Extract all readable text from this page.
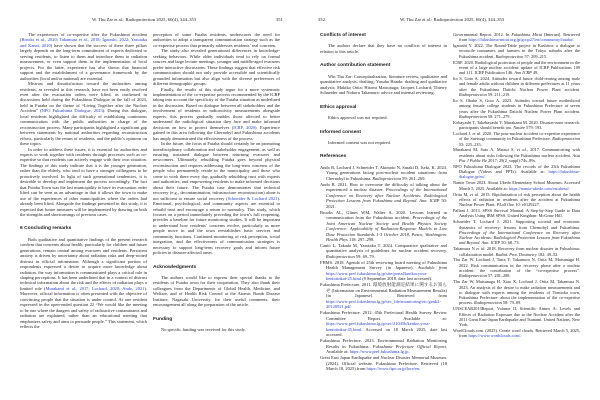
W. Thu Zar et al.: Radioprotection 2025, 60(4), 344–353	351

The experiences of co-expertise after the Fukushima accident (Brooks et al., 2020; Takamura et al., 2018; Igarashi, 2022; Yasutaka and Kanai, 2020) have shown that the success of these three pillars largely depends on the long-term commitment of experts dedicated to serving residents, to listen to them and introduce them to radiation measurement, or even support them in the implementation of local projects. For the latter, experience has also shown that financial support and the establishment of a governance framework by the authorities (local and/or national) are essential.

Mistrust and dissatisfaction toward the authorities among residents, as revealed in this research, have not been easily resolved even after the evacuation orders were lifted, as confirmed in discussions held during the Fukushima Dialogue in the fall of 2023, held in Futaba on the theme of “Living Together after the Nuclear Accident” (NPO Fukushima Dialogue, 2023). During this dialogue, local residents highlighted the difficulty of establishing continuous communication with the public authorities in charge of the reconstruction process. Many participants highlighted a significant gap between statements by national authorities regarding reconstruction efforts, particularly the return of residents, and the public’s opinions on these topics.

In order to address these issues, it is essential for authorities and experts to work together with residents through processes such as co-expertise so that residents can actively engage with their own situation. The findings of this study indicate that it is the younger generation, rather than the elderly, who tend to have a stronger willingness to be proactively involved. In light of such generational tendencies, it is desirable to develop and implement the process accordingly. The fact that Futaba Town was the last municipality to have its evacuation order lifted can be seen as an advantage in that it allows the town to make use of the experiences of other municipalities where the orders had already been lifted. Alongside the findings presented in this study, it is expected that future measures will be implemented by drawing on both the strengths and shortcomings of previous cases.

6 Concluding remarks

Both qualitative and quantitative findings of the present research confirm that concerns about health, particularly for children and future generations, remain central among evacuees and residents. Persistent anxiety is driven by uncertainty about radiation risks and deep-rooted distrust in official information. Although a significant portion of respondents expressed a desire to acquire more knowledge about radiation, the way information is communicated plays a critical role in shaping perceptions. It has been underlined that in a context of distrust technical information about the risk and the effects of radiation plays a limited role (Murakami et al., 2017; Lochard, 2020; Ando, 2021). Moreover, official information is often presented with the objective of convincing people that the situation is under control. As one resident expressed in the open-ended question 22 “We would like the meeting to be one where the dangers and safety of radioactive contaminants and radiation are explained, rather than an educational meeting that emphasizes safety and aims to persuade people.” This statement, which reflects the

perception of some Futaba residents, underscores the need for authorities to adopt a transparent communication strategy such as the co-expertise process that primarily addresses residents’ real concerns.

The study also revealed generational differences in knowledge-seeking behaviors. While older individuals tend to rely on formal sources and large lecture meetings, younger and middle-aged evacuees prefer interactive discussions. These findings suggest that effective risk communication should not only provide accessible and scientifically grounded information but also align with the diverse preferences of different demographic groups.

Finally, the results of this study argue for a more systematic implementation of the co-expertise process recommended by the ICRP taking into account the specificity of the Futaba situation as underlined in the discussion. Based on dialogue between all stakeholders and the involvement of residents in radioactivity measurements alongside experts, this process gradually enables those affected to better understand the radiological situation they face and make informed decisions on how to protect themselves (ICRP, 2020). Experience gained in this area following the Chernobyl and Fukushima accidents has amply demonstrated the effectiveness of the process.

In the future, the focus at Futaba should certainly be on promoting interdisciplinary collaboration and stakeholder engagement, as well as ensuring sustained dialogue between returning evacuees and newcomers. Ultimately, rebuilding Futaba goes beyond physical reconstruction and requires addressing the long-term concerns of the people who permanently reside in the municipality and those who come to work there every day, gradually rebuilding trust with experts and authorities, and empowering residents to make informed decisions about their future. The Futaba case demonstrates that technical recovery (e.g., decontamination, infrastructure reconstruction) alone is not sufficient to ensure social recovery (Schneider & Lochard 2021). Emotional, psychological, and community aspects are essential to rebuild trust and encourage a return to normalcy. This study, which focuses on a period immediately preceding the town’s full reopening, provides a baseline for future monitoring studies. It will be important to understand how residents’ concerns evolve, particularly as more people move in and the town reestablishes basic services and community functions. Continued monitoring of risk perception, social integration, and the effectiveness of communication strategies is necessary to support long-term recovery goals and inform future policies in disaster-affected areas.

Acknowledgments

The authors would like to express their special thanks to the residents of Futaba town for their cooperation. They also thank their colleagues from the Departments of Global Health, Medicine, and Welfare, and of Health Risk Control at the Atomic Bomb Disease Institute, Nagasaki University, for their useful comments, their encouragement all along the preparation of the article.

Funding

No specific funding was received for this study.

352	W. Thu Zar et al.: Radioprotection 2025, 60(4), 344–353
Conflicts of interest

The authors declare that they have no conflicts of interest in relation to this article.

Author contribution statement

Win Thu Zar: Conceptualization, literature review, qualitative and quantitative analysis, drafting; Yasuha Handa: drafting and qualitative analysis; Makiko Orita; Hitomi Matsunaga; Jacques Lochard; Thierry Schneider and Noboru Takamura: advice and internal reviewing.

Ethics approval

Ethics approval was not required.

Informed consent

Informed consent was not required.

References

Ando R, Lochard J, Schneider T, Akimoto N, Sasaki D, Iseki, K. 2024. Young generations facing post-nuclear accident situations: from Chernobyl to Fukushima. Radioprotection 59: 261–269.

Ando R. 2021. How to overcome the difficulty of talking about the experienced a nuclear disaster. Proceedings of the International Conference on Recovery after Nuclear Accidents: Radiological Protection Lessons from Fukushima and Beyond. Ann. ICRP 50: 2021.

Brooks AL, Glines WM, Walter A. 2020. Lessons learned in communication from the Fukushima accident. Proceedings of the Joint American Nuclear Society and Health Physics Society Conference: Applicability of Radiation-Response Models to Low Dose Protection Standards 1-3 October 2018, Pasco, Washington. Health Phys 118: 297–298.

Cantó L, Takada M, Yasutaka T. 2024. Comparative qualitative and quantitative analysis of guidelines for nuclear accident recovery. Radioprotection 59: 69–79.

FHMS. 2018. Agenda of 25th reviewing board meeting of Fukushima Health Management Survey (in Japanese). Available from https://www.pref.fukushima.lg.jp/site/portal/kenkocyosa-kentoiinkai-25.html (9 September 2018, date last accessed).

Fukushima Prefecture. 2011. 環境放射能測定結果に関するお知らせ (Information on Environmental Radiation Measurement Results) [in Japanese]. Retrieved from https://www.pref.fukushima.lg.jp/sec_file/monitoring/etc/genk2-20120921.pdf

Fukushima Prefecture. 2012. 45th Prefectural Health Survey Review Committee Report. Available at: https://www.pref.fukushima.lg.jp/sec/21045b/kenkocyosa-kentoiinkai-45.html. Accessed on 18 March 2025, date last accessed.

Fukushima Prefecture. 2023. Environmental Radiation Monitoring Results in Fukushima. Fukushima Prefecture Official Report. Available at: https://www.pref.fukushima.lg.jp.

Great East Japan Earthquake and Nuclear Disaster Memorial Museum. (2024). Official website. Fukushima Prefecture. Retrieved (18 March 18, 2025) from https://www.fipo.or.jp/lore/en.

Governmental Report. 2012. In Fukushima Mirai [Internet]. Retrieved from https://fukushima-mirai.org.jp/gcop27/en/community/futaba/.

Igarashi Y. 2022. The Round-Table project in Kashiwa: a dialogue to reconcile consumers and farmers in the Tokyo suburbs after the Fukushima accident. Radioprotection 57: 209–215.

ICRP. 2020. Radiological protection of people and the environment in the event of a large nuclear accident: update of ICRP Publications 109 and 111. ICRP Publication 146. Ann ICRP 49.

Ito S, Goto A. 2024. Attitudes toward future child-rearing among male and female adults without children in different prefectures at 11 years after the Fukushima Daiichi Nuclear Power Plant accident. Radioprotection 59: 211–219.

Ito S, Okabe S, Goto A. 2023. Attitudes toward future motherhood among female college students in Fukushima Prefecture at seven years after the Fukushima Daiichi Nuclear Power Plant accident. Radioprotection 58: 271–279.

Kobayashi T, Takebayashi Y, Murakami M. 2020. Disaster-zone research: participants should benefit too. Nature 579: 193.

Lochard J, et al. 2020. The post-nuclear accident co-expertise experience of the Suetsugi community in Fukushima Prefecture. Radioprotection 55: 225–235.

Murakami M, Sato A, Matsui S, et al., 2017. Communicating with residents about risks following the Fukushima nuclear accident. Asia Pac J Public He 2017; 29(2_suppl):74s–89s.

NPO Fukushima Dialogue 2023. The records of the 25th Fukushima Dialogue (Videos and PPTs). Available at: https://fukushima-dialogue.jp/en/.

Namie Town 2023. About Ukedo Elementary School Museum. Accessed March 5, 2025. Available at: https://namie-ukedo.com/en/about/.

Orita M, et al. 2015. Bipolarization of risk perception about the health effects of radiation in residents after the accident at Fukushima Nuclear Power Plant. PLoS One 10: e0129227.

Pallant J. 2013. SPSS Survival Manual: A Step-by-Step Guide to Data Analysis Using IBM SPSS. United Kingdom: McGraw Hill.

Schneider T, Lochard J. 2021. Supporting societal and economic dynamics of recovery: lessons from Chernobyl and Fukushima. Proceedings of the International Conference on Recovery after Nuclear Accidents: Radiological Protection Lessons from Fukushima and Beyond. Ann. ICRP 50: 68–73.

Takamura N et al. 2018. Recovery from nuclear disaster in Fukushima: collaboration model. Radiat. Prot. Dosimetry 182: 49–52.

Thu Zar W, Lochard J, Taira Y, Takamura N, Orita M, Matsunaga H. 2022. Risk communication in the recovery phase after a nuclear accident: the contribution of the “co-expertise process”. Radioprotection 57: 281–288.

Thu Zar W, Matsunaga H, Xiao X, Lochard J, Orita M, Takamura N. 2023. An analysis of the desire to make radiation measurements and to dialogue with experts among the residents of Tomioka town, Fukushima Prefecture: about the implementation of the co-expertise process. Radioprotection 58: 79–89.

UNSCEAR2013Report, Volume II, Scientific Annex A: Levels and Effects of Radiation Exposure due to the Nuclear Accident after the 2011 Great East-Japan Earthquake and Tsunami. United Nations, New York.

WordClouds.com. (2025). Create word clouds. Retrieved March 5, 2025, from https://www.wordclouds.com/.
